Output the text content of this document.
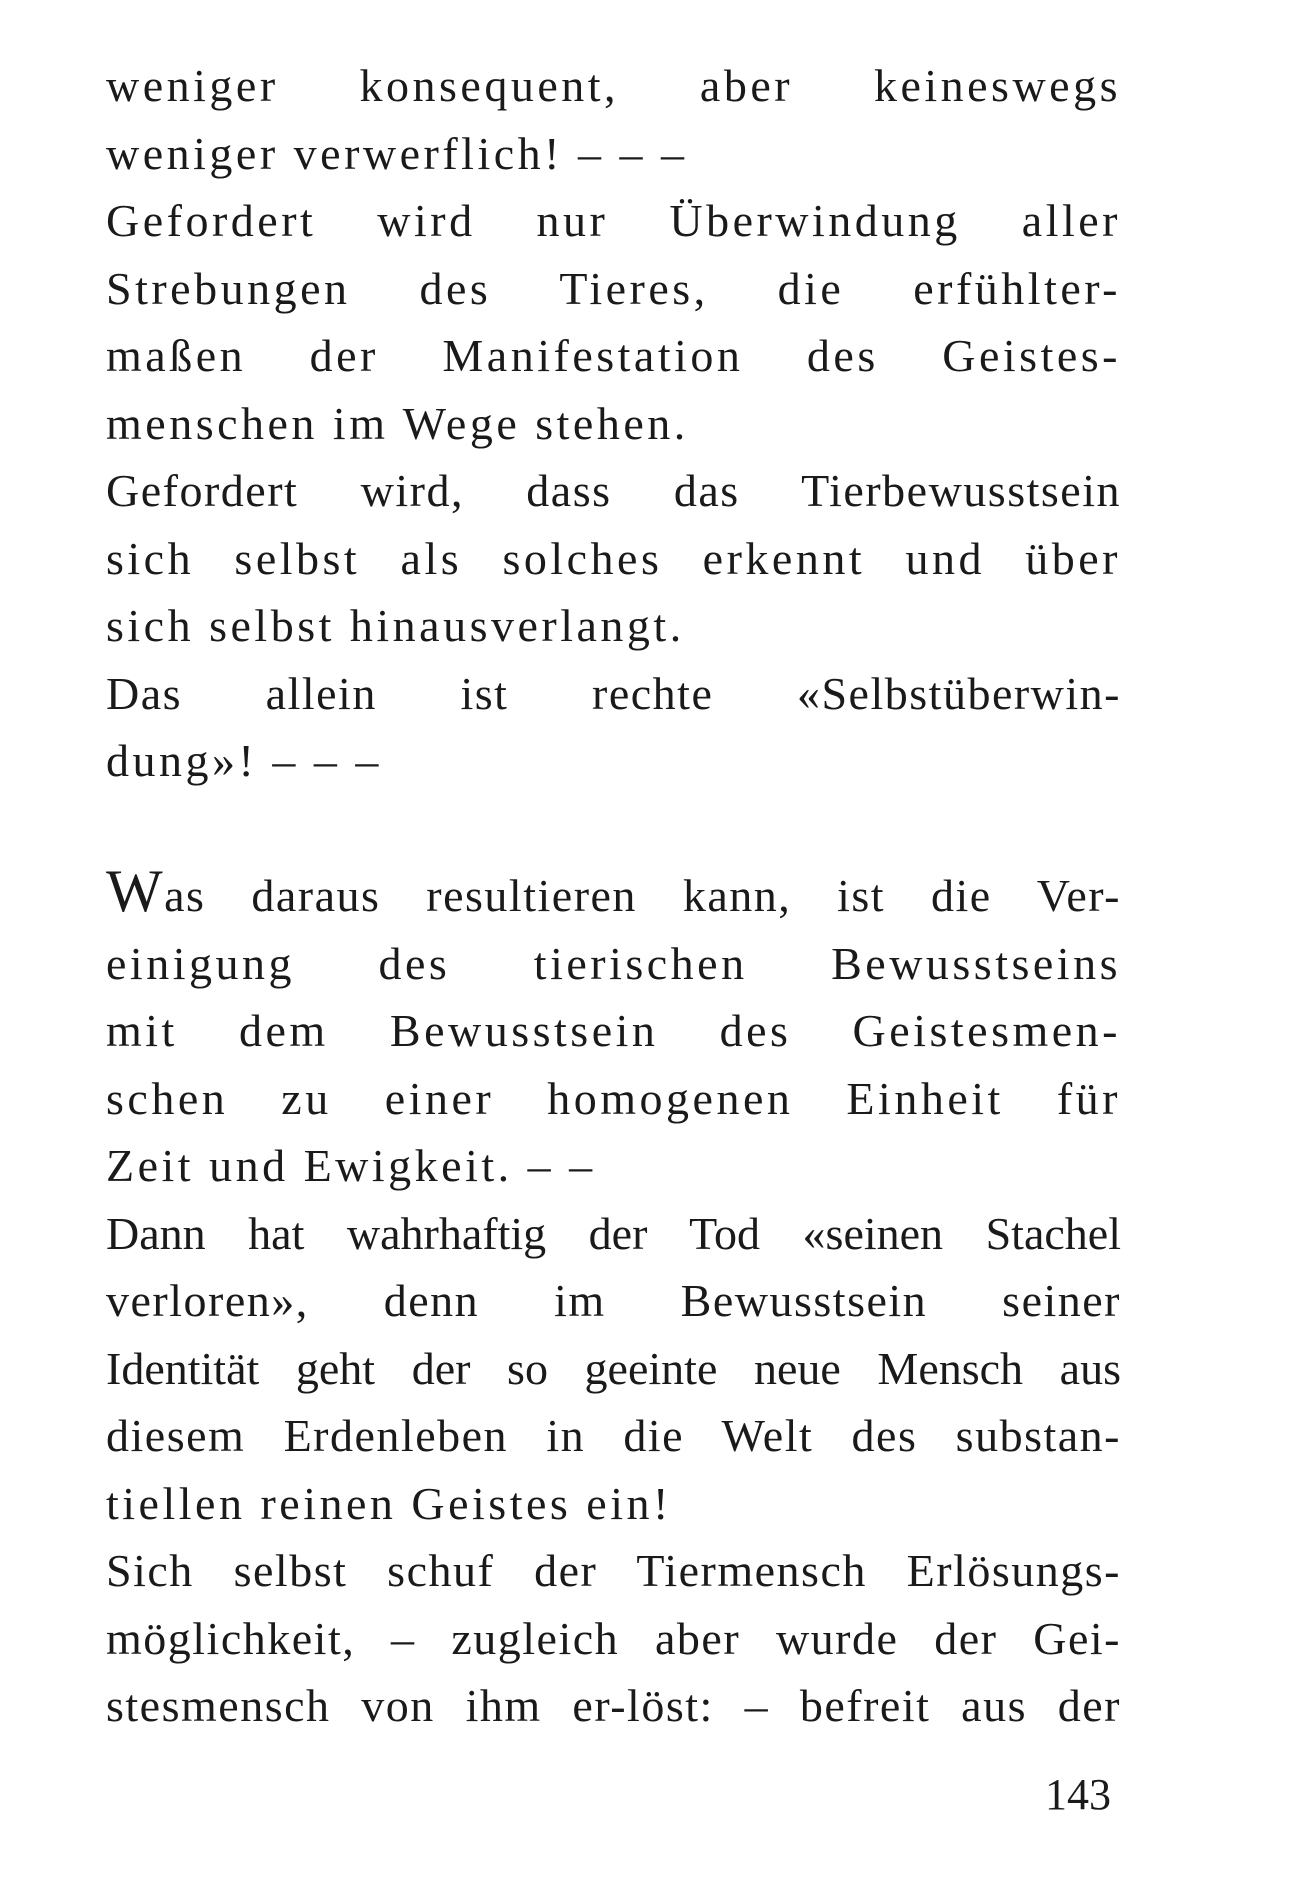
weniger konsequent, aber keineswegs
weniger verwerflich! – – –
Gefordert wird nur Überwindung aller
Strebungen des Tieres, die erfühlter-
maßen der Manifestation des Geistes-
menschen im Wege stehen.
Gefordert wird, dass das Tierbewusstsein
sich selbst als solches erkennt und über
sich selbst hinausverlangt.
Das allein ist rechte «Selbstüberwin-
dung»! – – –
Was daraus resultieren kann, ist die Ver-
einigung des tierischen Bewusstseins
mit dem Bewusstsein des Geistesmen-
schen zu einer homogenen Einheit für
Zeit und Ewigkeit. – –
Dann hat wahrhaftig der Tod «seinen Stachel
verloren», denn im Bewusstsein seiner
Identität geht der so geeinte neue Mensch aus
diesem Erdenleben in die Welt des substan-
tiellen reinen Geistes ein!
Sich selbst schuf der Tiermensch Erlösungs-
möglichkeit, – zugleich aber wurde der Gei-
stesmensch von ihm er-löst: – befreit aus der
143
